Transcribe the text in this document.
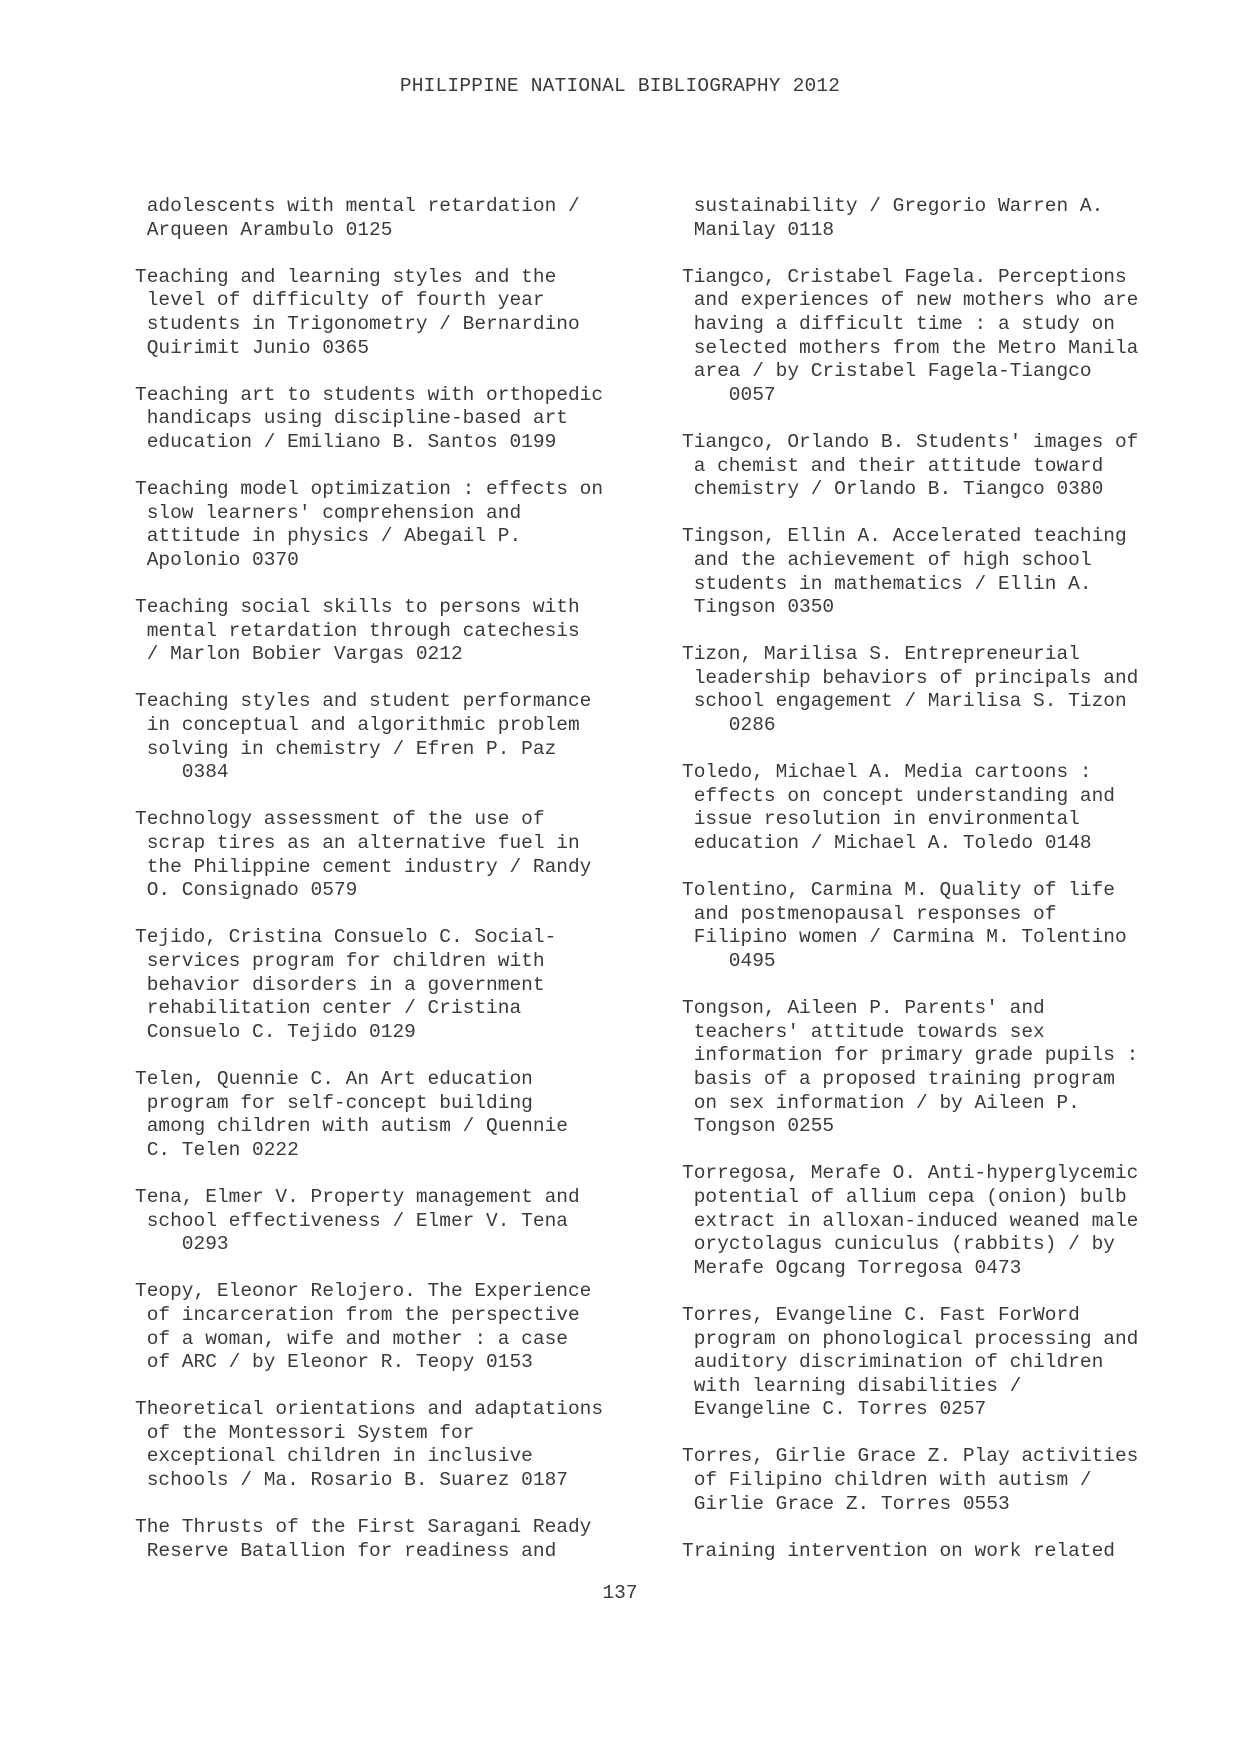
PHILIPPINE NATIONAL BIBLIOGRAPHY 2012
adolescents with mental retardation /
Arqueen Arambulo 0125
Teaching and learning styles and the
level of difficulty of fourth year
students in Trigonometry / Bernardino
Quirimit Junio 0365
Teaching art to students with orthopedic
handicaps using discipline-based art
education / Emiliano B. Santos 0199
Teaching model optimization : effects on
slow learners' comprehension and
attitude in physics / Abegail P.
Apolonio 0370
Teaching social skills to persons with
mental retardation through catechesis
/ Marlon Bobier Vargas 0212
Teaching styles and student performance
in conceptual and algorithmic problem
solving in chemistry / Efren P. Paz
0384
Technology assessment of the use of
scrap tires as an alternative fuel in
the Philippine cement industry / Randy
O. Consignado 0579
Tejido, Cristina Consuelo C. Social-
services program for children with
behavior disorders in a government
rehabilitation center / Cristina
Consuelo C. Tejido 0129
Telen, Quennie C. An Art education
program for self-concept building
among children with autism / Quennie
C. Telen 0222
Tena, Elmer V. Property management and
school effectiveness / Elmer V. Tena
0293
Teopy, Eleonor Relojero. The Experience
of incarceration from the perspective
of a woman, wife and mother : a case
of ARC / by Eleonor R. Teopy 0153
Theoretical orientations and adaptations
of the Montessori System for
exceptional children in inclusive
schools / Ma. Rosario B. Suarez 0187
The Thrusts of the First Saragani Ready
Reserve Batallion for readiness and
sustainability / Gregorio Warren A.
Manilay 0118
Tiangco, Cristabel Fagela. Perceptions
and experiences of new mothers who are
having a difficult time : a study on
selected mothers from the Metro Manila
area / by Cristabel Fagela-Tiangco
0057
Tiangco, Orlando B. Students' images of
a chemist and their attitude toward
chemistry / Orlando B. Tiangco 0380
Tingson, Ellin A. Accelerated teaching
and the achievement of high school
students in mathematics / Ellin A.
Tingson 0350
Tizon, Marilisa S. Entrepreneurial
leadership behaviors of principals and
school engagement / Marilisa S. Tizon
0286
Toledo, Michael A. Media cartoons :
effects on concept understanding and
issue resolution in environmental
education / Michael A. Toledo 0148
Tolentino, Carmina M. Quality of life
and postmenopausal responses of
Filipino women / Carmina M. Tolentino
0495
Tongson, Aileen P. Parents' and
teachers' attitude towards sex
information for primary grade pupils :
basis of a proposed training program
on sex information / by Aileen P.
Tongson 0255
Torregosa, Merafe O. Anti-hyperglycemic
potential of allium cepa (onion) bulb
extract in alloxan-induced weaned male
oryctolagus cuniculus (rabbits) / by
Merafe Ogcang Torregosa 0473
Torres, Evangeline C. Fast ForWord
program on phonological processing and
auditory discrimination of children
with learning disabilities /
Evangeline C. Torres 0257
Torres, Girlie Grace Z. Play activities
of Filipino children with autism /
Girlie Grace Z. Torres 0553
Training intervention on work related
137
